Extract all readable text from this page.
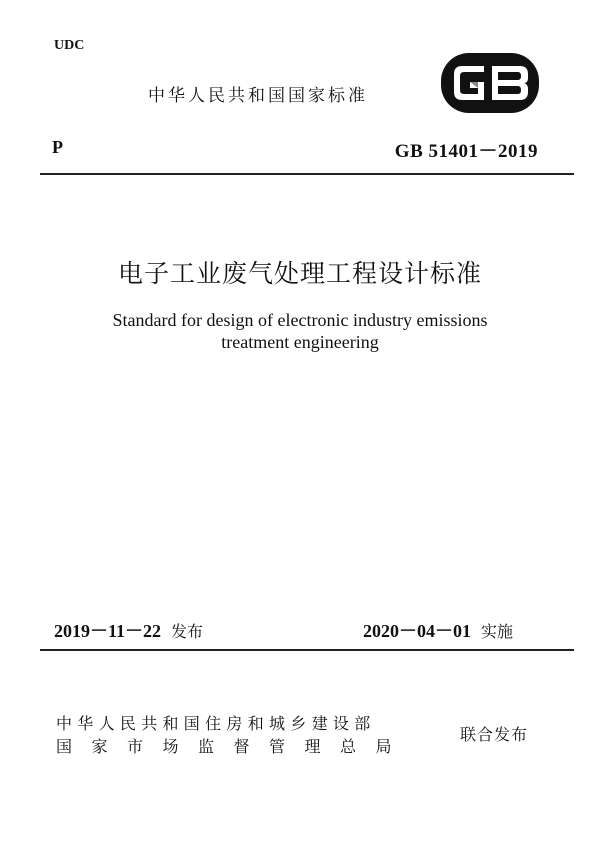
UDC
中华人民共和国国家标准
P	GB 51401－2019
电子工业废气处理工程设计标准
Standard for design of electronic industry emissions
treatment engineering
2019－11－22 发布	2020－04－01 实施
中华人民共和国住房和城乡建设部
国家市场监督管理总局
联合发布
